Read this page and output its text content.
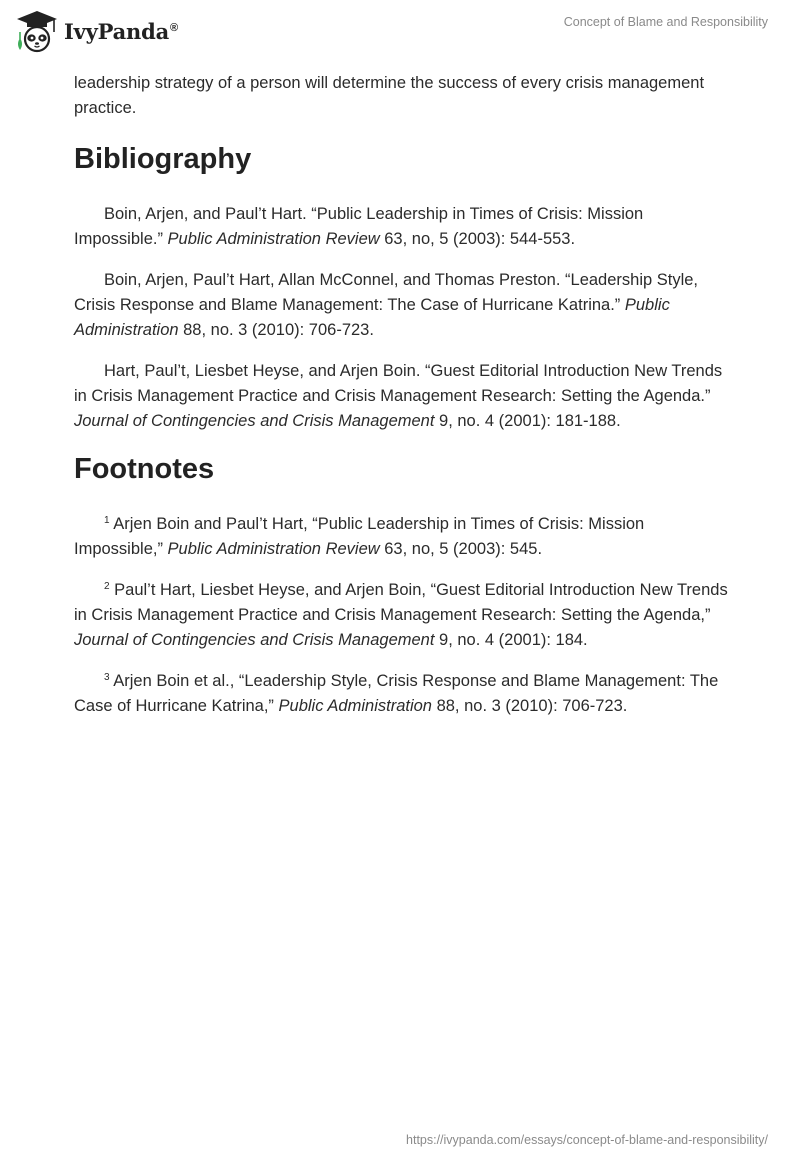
IvyPanda®	Concept of Blame and Responsibility

leadership strategy of a person will determine the success of every crisis management practice.

Bibliography

Boin, Arjen, and Paul’t Hart. “Public Leadership in Times of Crisis: Mission Impossible.” Public Administration Review 63, no, 5 (2003): 544-553.

Boin, Arjen, Paul’t Hart, Allan McConnel, and Thomas Preston. “Leadership Style, Crisis Response and Blame Management: The Case of Hurricane Katrina.” Public Administration 88, no. 3 (2010): 706-723.

Hart, Paul’t, Liesbet Heyse, and Arjen Boin. “Guest Editorial Introduction New Trends in Crisis Management Practice and Crisis Management Research: Setting the Agenda.” Journal of Contingencies and Crisis Management 9, no. 4 (2001): 181-188.

Footnotes

$^1$ Arjen Boin and Paul’t Hart, “Public Leadership in Times of Crisis: Mission Impossible,” Public Administration Review 63, no, 5 (2003): 545.

$^2$ Paul’t Hart, Liesbet Heyse, and Arjen Boin, “Guest Editorial Introduction New Trends in Crisis Management Practice and Crisis Management Research: Setting the Agenda,” Journal of Contingencies and Crisis Management 9, no. 4 (2001): 184.

$^3$ Arjen Boin et al., “Leadership Style, Crisis Response and Blame Management: The Case of Hurricane Katrina,” Public Administration 88, no. 3 (2010): 706-723.

https://ivypanda.com/essays/concept-of-blame-and-responsibility/
